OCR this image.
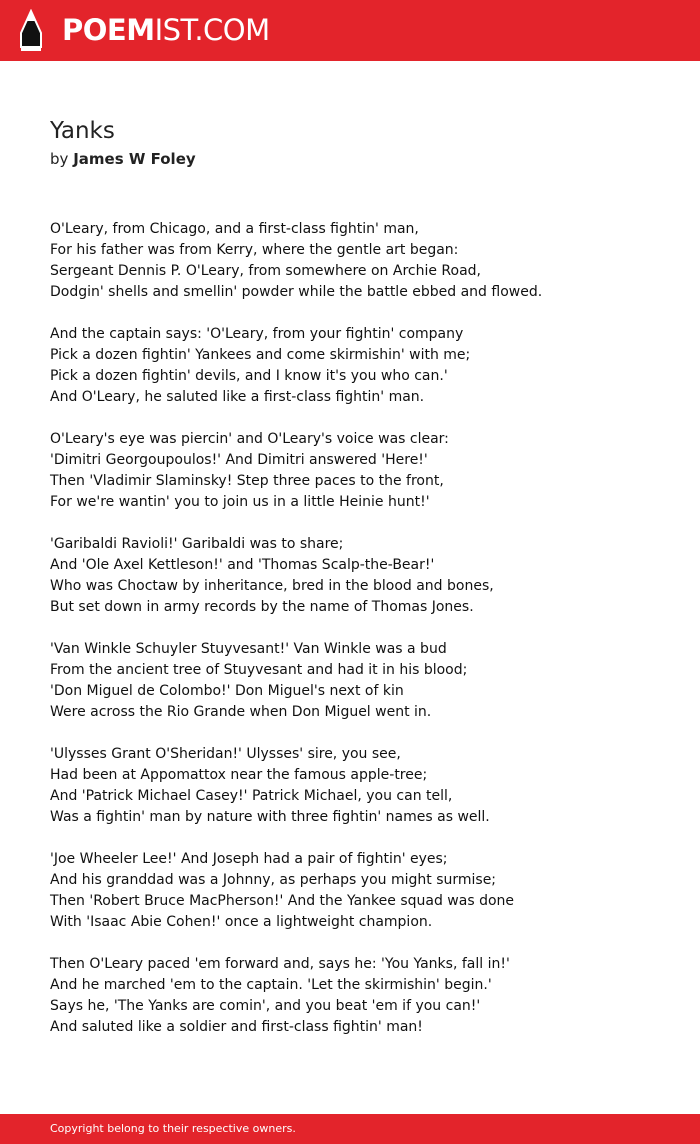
POEMIST.COM
Yanks
by James W Foley
O'Leary, from Chicago, and a first-class fightin' man,
For his father was from Kerry, where the gentle art began:
Sergeant Dennis P. O'Leary, from somewhere on Archie Road,
Dodgin' shells and smellin' powder while the battle ebbed and flowed.
And the captain says: 'O'Leary, from your fightin' company
Pick a dozen fightin' Yankees and come skirmishin' with me;
Pick a dozen fightin' devils, and I know it's you who can.'
And O'Leary, he saluted like a first-class fightin' man.
O'Leary's eye was piercin' and O'Leary's voice was clear:
'Dimitri Georgoupoulos!' And Dimitri answered 'Here!'
Then 'Vladimir Slaminsky! Step three paces to the front,
For we're wantin' you to join us in a little Heinie hunt!'
'Garibaldi Ravioli!' Garibaldi was to share;
And 'Ole Axel Kettleson!' and 'Thomas Scalp-the-Bear!'
Who was Choctaw by inheritance, bred in the blood and bones,
But set down in army records by the name of Thomas Jones.
'Van Winkle Schuyler Stuyvesant!' Van Winkle was a bud
From the ancient tree of Stuyvesant and had it in his blood;
'Don Miguel de Colombo!' Don Miguel's next of kin
Were across the Rio Grande when Don Miguel went in.
'Ulysses Grant O'Sheridan!' Ulysses' sire, you see,
Had been at Appomattox near the famous apple-tree;
And 'Patrick Michael Casey!' Patrick Michael, you can tell,
Was a fightin' man by nature with three fightin' names as well.
'Joe Wheeler Lee!' And Joseph had a pair of fightin' eyes;
And his granddad was a Johnny, as perhaps you might surmise;
Then 'Robert Bruce MacPherson!' And the Yankee squad was done
With 'Isaac Abie Cohen!' once a lightweight champion.
Then O'Leary paced 'em forward and, says he: 'You Yanks, fall in!'
And he marched 'em to the captain. 'Let the skirmishin' begin.'
Says he, 'The Yanks are comin', and you beat 'em if you can!'
And saluted like a soldier and first-class fightin' man!
Copyright belong to their respective owners.
